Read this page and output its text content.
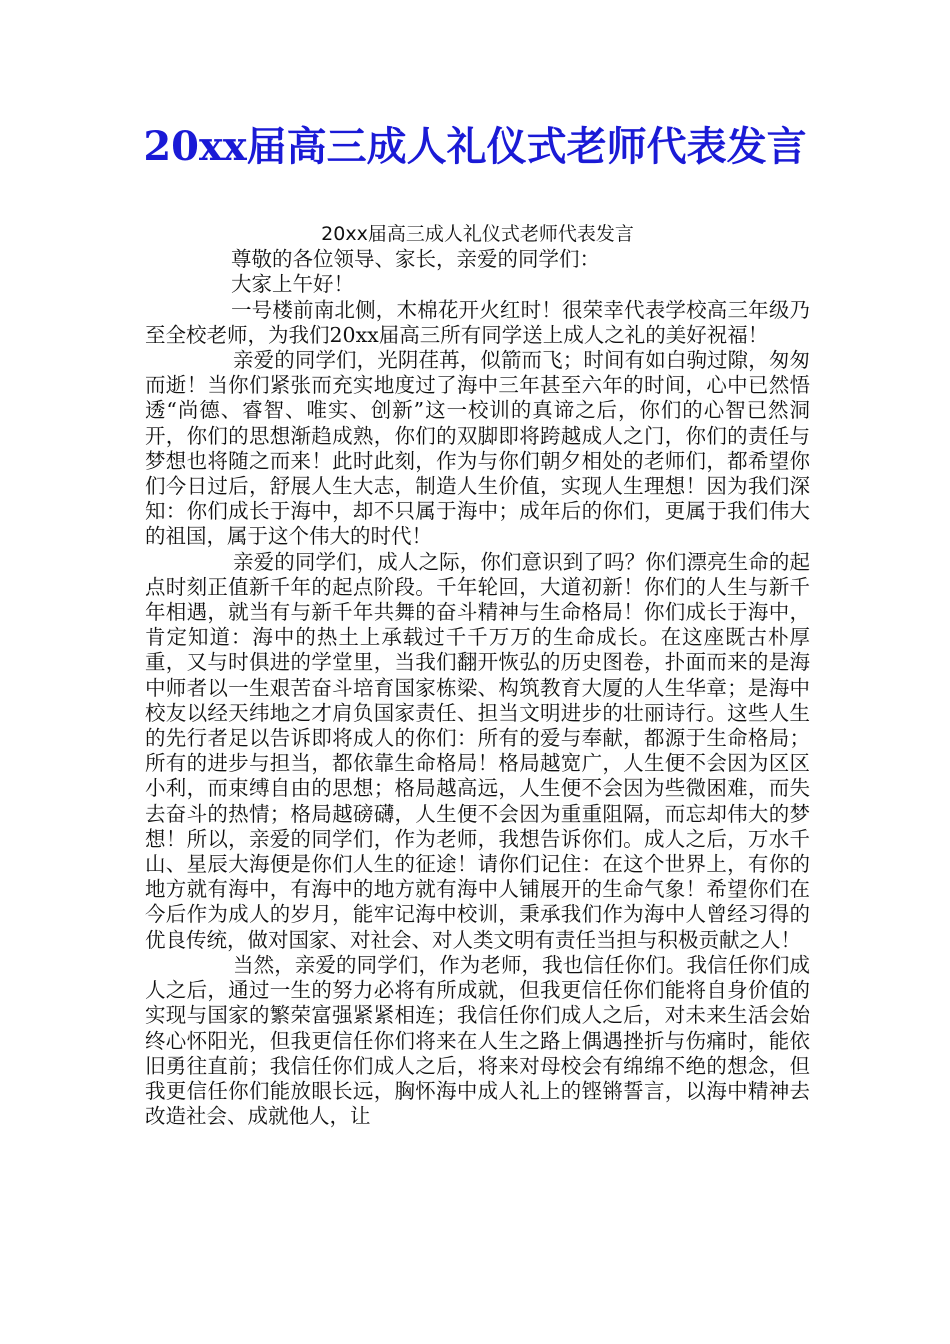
20xx届高三成人礼仪式老师代表发言

20xx届高三成人礼仪式老师代表发言

尊敬的各位领导、家长，亲爱的同学们：

大家上午好！

一号楼前南北侧，木棉花开火红时！很荣幸代表学校高三年级乃至全校老师，为我们20xx届高三所有同学送上成人之礼的美好祝福！

亲爱的同学们，光阴荏苒，似箭而飞；时间有如白驹过隙，匆匆而逝！当你们紧张而充实地度过了海中三年甚至六年的时间，心中已然悟透“尚德、睿智、唯实、创新”这一校训的真谛之后，你们的心智已然洞开，你们的思想渐趋成熟，你们的双脚即将跨越成人之门，你们的责任与梦想也将随之而来！此时此刻，作为与你们朝夕相处的老师们，都希望你们今日过后，舒展人生大志，制造人生价值，实现人生理想！因为我们深知：你们成长于海中，却不只属于海中；成年后的你们，更属于我们伟大的祖国，属于这个伟大的时代！

亲爱的同学们，成人之际，你们意识到了吗？你们漂亮生命的起点时刻正值新千年的起点阶段。千年轮回，大道初新！你们的人生与新千年相遇，就当有与新千年共舞的奋斗精神与生命格局！你们成长于海中，肯定知道：海中的热土上承载过千千万万的生命成长。在这座既古朴厚重，又与时俱进的学堂里，当我们翻开恢弘的历史图卷，扑面而来的是海中师者以一生艰苦奋斗培育国家栋梁、构筑教育大厦的人生华章；是海中校友以经天纬地之才肩负国家责任、担当文明进步的壮丽诗行。这些人生的先行者足以告诉即将成人的你们：所有的爱与奉献，都源于生命格局；所有的进步与担当，都依靠生命格局！格局越宽广，人生便不会因为区区小利，而束缚自由的思想；格局越高远，人生便不会因为些微困难，而失去奋斗的热情；格局越磅礴，人生便不会因为重重阻隔，而忘却伟大的梦想！所以，亲爱的同学们，作为老师，我想告诉你们。成人之后，万水千山、星辰大海便是你们人生的征途！请你们记住：在这个世界上，有你的地方就有海中，有海中的地方就有海中人铺展开的生命气象！希望你们在今后作为成人的岁月，能牢记海中校训，秉承我们作为海中人曾经习得的优良传统，做对国家、对社会、对人类文明有责任当担与积极贡献之人！

当然，亲爱的同学们，作为老师，我也信任你们。我信任你们成人之后，通过一生的努力必将有所成就，但我更信任你们能将自身价值的实现与国家的繁荣富强紧紧相连；我信任你们成人之后，对未来生活会始终心怀阳光，但我更信任你们将来在人生之路上偶遇挫折与伤痛时，能依旧勇往直前；我信任你们成人之后，将来对母校会有绵绵不绝的想念，但我更信任你们能放眼长远，胸怀海中成人礼上的铿锵誓言，以海中精神去改造社会、成就他人，让
